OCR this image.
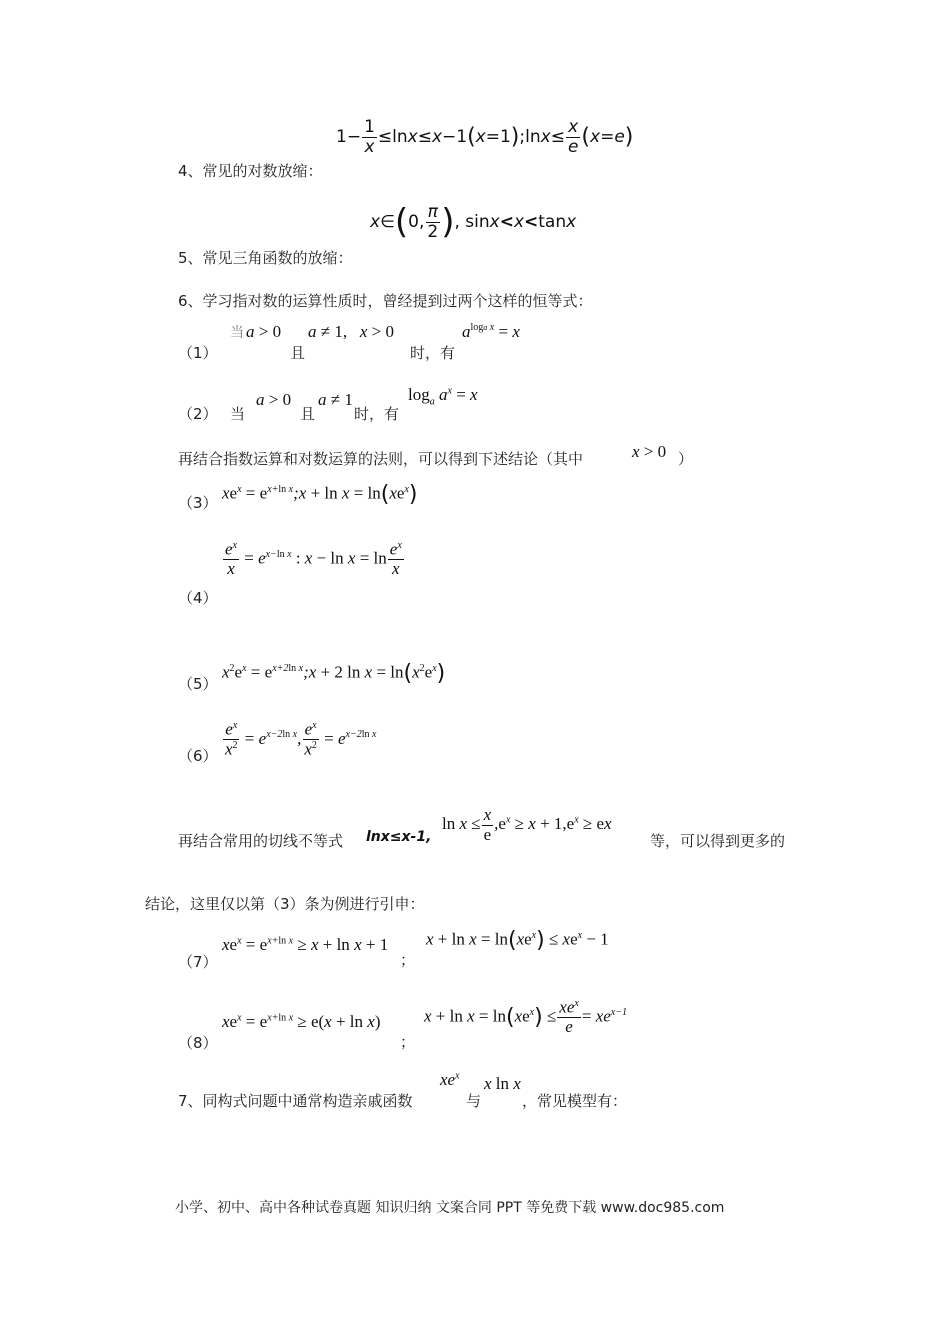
$1- \frac{1}{x}$ ≤lnx≤x−1(x=1);lnx≤ $\frac{x}{e} (x=e)$
4、常见的对数放缩：
x∈(0, $\frac{\pi}{2}$ ), sinx<x<tanx
5、常见三角函数的放缩：
6、学习指对数的运算性质时，曾经提到过两个这样的恒等式：
（1）
当 a > 0
且
a ≠ 1,   x > 0
时，有
$a^{loga x} = x$
（2） 当
a > 0
且
a ≠ 1
时，有
$\log_a a^x = x$
再结合指数运算和对数运算的法则，可以得到下述结论（其中	x > 0 ）
（3）
$xe^x$ = $e^{x+ln x};x + \ln x = \ln(xe^x)$
$\frac{e^x}{x} = e^{x-ln x}$ : $x - \ln x = \ln \frac{e^x}{x}$
（4）
（5）
$x^2e^x$ = $e^{x+2ln x};x + 2$ $\ln x = \ln(x^2e^x)$
$(6) \frac{e^x}{x^2} = e^{x-2ln x}$, $\frac{e^x}{x^2} = e^{x-2ln x}$
再结合常用的切线不等式 lnx≤x-1,
$\ln x \le \frac{x}{e} ,e^x \ge x + 1,e^x$ ≥ ex
等，可以得到更多的
结论，这里仅以第（3）条为例进行引申：
（7）
$xe^x = e^{x+ln x} \ge x + \ln x + 1$
；
$x + \ln x = \ln(xe^x) \le xe^x - 1$
（8）
$xe^x = e^{x+ln x} \ge e(x + \ln x)$
；
$x + \ln x = \ln(xe^x) \le \frac{xe^x}{e} = xe^{x-1}$
7、同构式问题中通常构造亲戚函数
$xe^x$
与
x ln x
，常见模型有：
小学、初中、高中各种试卷真题 知识归纳 文案合同 PPT 等免费下载 www.doc985.com
